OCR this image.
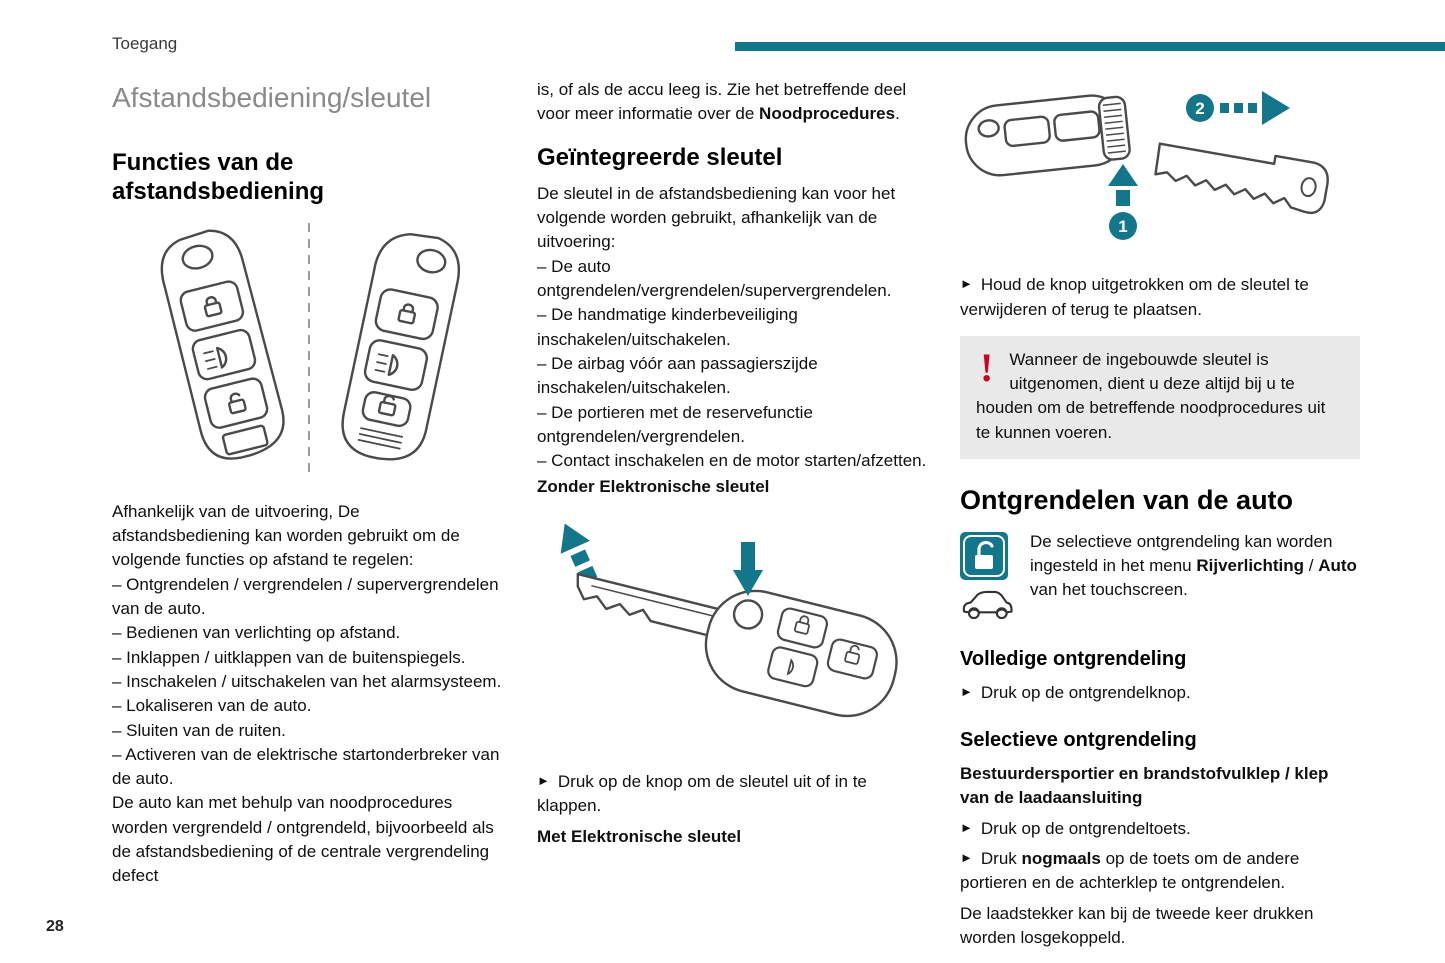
Toegang
28
Afstandsbediening/sleutel
Functies van de afstandsbediening

Afhankelijk van de uitvoering, De afstandsbediening kan worden gebruikt om de volgende functies op afstand te regelen:

– Ontgrendelen / vergrendelen / supervergrendelen van de auto.

– Bedienen van verlichting op afstand.

– Inklappen / uitklappen van de buitenspiegels.

– Inschakelen / uitschakelen van het alarmsysteem.

– Lokaliseren van de auto.

– Sluiten van de ruiten.

– Activeren van de elektrische startonderbreker van de auto.

De auto kan met behulp van noodprocedures worden vergrendeld / ontgrendeld, bijvoorbeeld als de afstandsbediening of de centrale vergrendeling defect

is, of als de accu leeg is. Zie het betreffende deel voor meer informatie over de Noodprocedures.

Geïntegreerde sleutel

De sleutel in de afstandsbediening kan voor het volgende worden gebruikt, afhankelijk van de uitvoering:

– De auto ontgrendelen/vergrendelen/supervergrendelen.

– De handmatige kinderbeveiliging inschakelen/uitschakelen.

– De airbag vóór aan passagierszijde inschakelen/uitschakelen.

– De portieren met de reservefunctie ontgrendelen/vergrendelen.

– Contact inschakelen en de motor starten/afzetten.

Zonder Elektronische sleutel

► Druk op de knop om de sleutel uit of in te klappen.

Met Elektronische sleutel

1
2

► Houd de knop uitgetrokken om de sleutel te verwijderen of terug te plaatsen.

! Wanneer de ingebouwde sleutel is uitgenomen, dient u deze altijd bij u te houden om de betreffende noodprocedures uit te kunnen voeren.
Ontgrendelen van de auto

De selectieve ontgrendeling kan worden ingesteld in het menu Rijverlichting / Auto van het touchscreen.

Volledige ontgrendeling

► Druk op de ontgrendelknop.

Selectieve ontgrendeling

Bestuurdersportier en brandstofvulklep / klep van de laadaansluiting

► Druk op de ontgrendeltoets.

► Druk nogmaals op de toets om de andere portieren en de achterklep te ontgrendelen.

De laadstekker kan bij de tweede keer drukken worden losgekoppeld.
